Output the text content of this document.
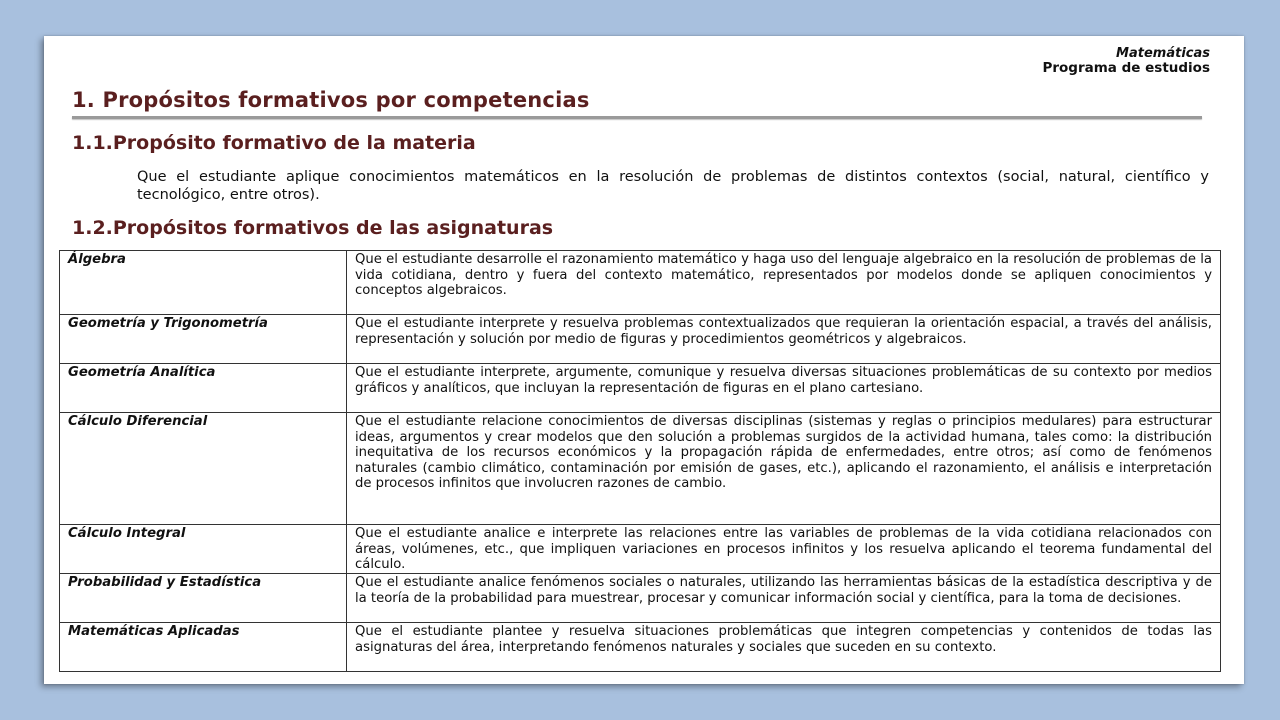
Matemáticas
Programa de estudios
1. Propósitos formativos por competencias
1.1.Propósito formativo de la materia

Que el estudiante aplique conocimientos matemáticos en la resolución de problemas de distintos contextos (social, natural, científico y tecnológico, entre otros).

1.2.Propósitos formativos de las asignaturas
Álgebra	Que el estudiante desarrolle el razonamiento matemático y haga uso del lenguaje algebraico en la resolución de problemas de la vida cotidiana, dentro y fuera del contexto matemático, representados por modelos donde se apliquen conocimientos y conceptos algebraicos.
Geometría y Trigonometría	Que el estudiante interprete y resuelva problemas contextualizados que requieran la orientación espacial, a través del análisis, representación y solución por medio de figuras y procedimientos geométricos y algebraicos.
Geometría Analítica	Que el estudiante interprete, argumente, comunique y resuelva diversas situaciones problemáticas de su contexto por medios gráficos y analíticos, que incluyan la representación de figuras en el plano cartesiano.
Cálculo Diferencial	Que el estudiante relacione conocimientos de diversas disciplinas (sistemas y reglas o principios medulares) para estructurar ideas, argumentos y crear modelos que den solución a problemas surgidos de la actividad humana, tales como: la distribución inequitativa de los recursos económicos y la propagación rápida de enfermedades, entre otros; así como de fenómenos naturales (cambio climático, contaminación por emisión de gases, etc.), aplicando el razonamiento, el análisis e interpretación de procesos infinitos que involucren razones de cambio.
Cálculo Integral	Que el estudiante analice e interprete las relaciones entre las variables de problemas de la vida cotidiana relacionados con áreas, volúmenes, etc., que impliquen variaciones en procesos infinitos y los resuelva aplicando el teorema fundamental del cálculo.
Probabilidad y Estadística	Que el estudiante analice fenómenos sociales o naturales, utilizando las herramientas básicas de la estadística descriptiva y de la teoría de la probabilidad para muestrear, procesar y comunicar información social y científica, para la toma de decisiones.
Matemáticas Aplicadas	Que el estudiante plantee y resuelva situaciones problemáticas que integren competencias y contenidos de todas las asignaturas del área, interpretando fenómenos naturales y sociales que suceden en su contexto.
